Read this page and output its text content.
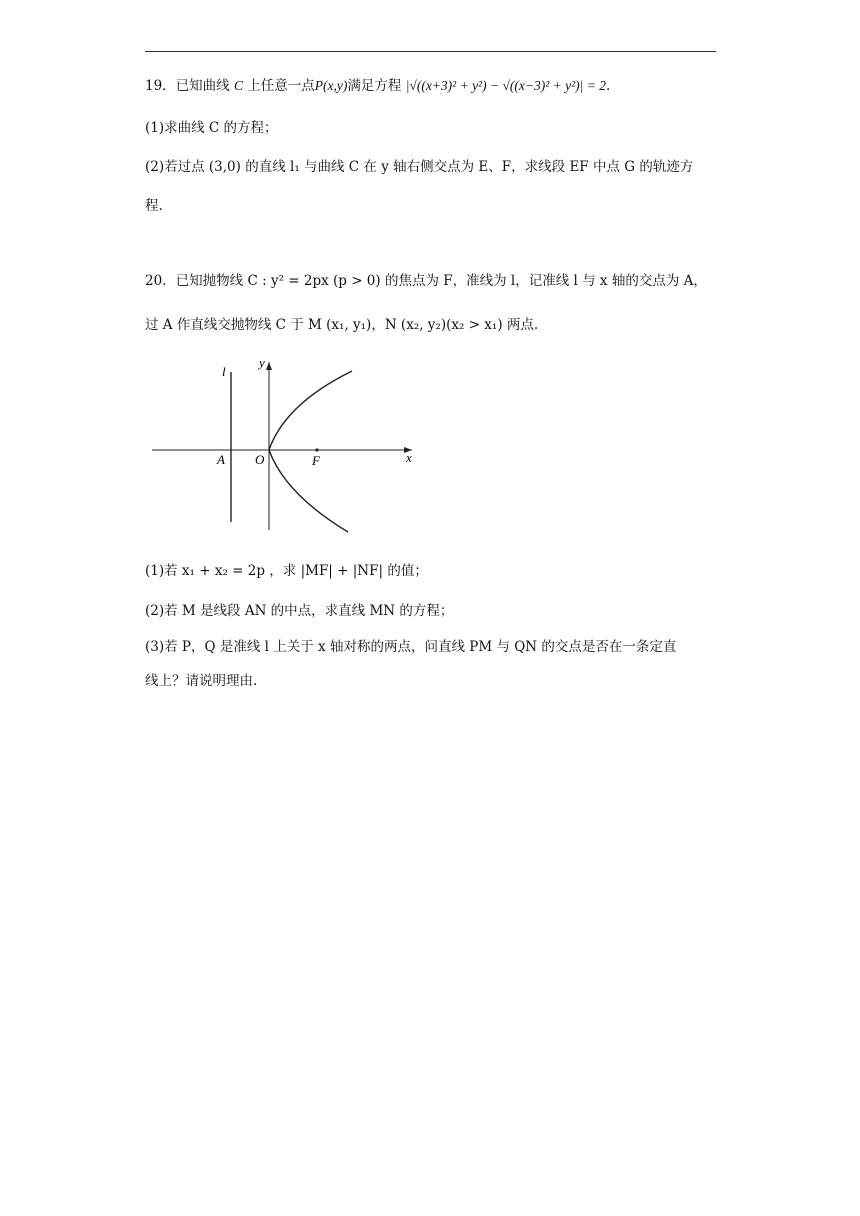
19．已知曲线 C 上任意一点P(x,y)满足方程 |√((x+3)² + y²) − √((x−3)² + y²)| = 2.
(1)求曲线 C 的方程；
(2)若过点 (3,0) 的直线 l₁ 与曲线 C 在 y 轴右侧交点为 E、F，求线段 EF 中点 G 的轨迹方
程.
20．已知抛物线 C : y² = 2px (p > 0) 的焦点为 F，准线为 l，记准线 l 与 x 轴的交点为 A，
过 A 作直线交抛物线 C 于 M (x₁, y₁)，N (x₂, y₂)(x₂ > x₁) 两点.
l
y
x
A O	F
(1)若 x₁ + x₂ = 2p ，求 |MF| + |NF| 的值；
(2)若 M 是线段 AN 的中点，求直线 MN 的方程；
(3)若 P，Q 是准线 l 上关于 x 轴对称的两点，问直线 PM 与 QN 的交点是否在一条定直
线上？请说明理由.
